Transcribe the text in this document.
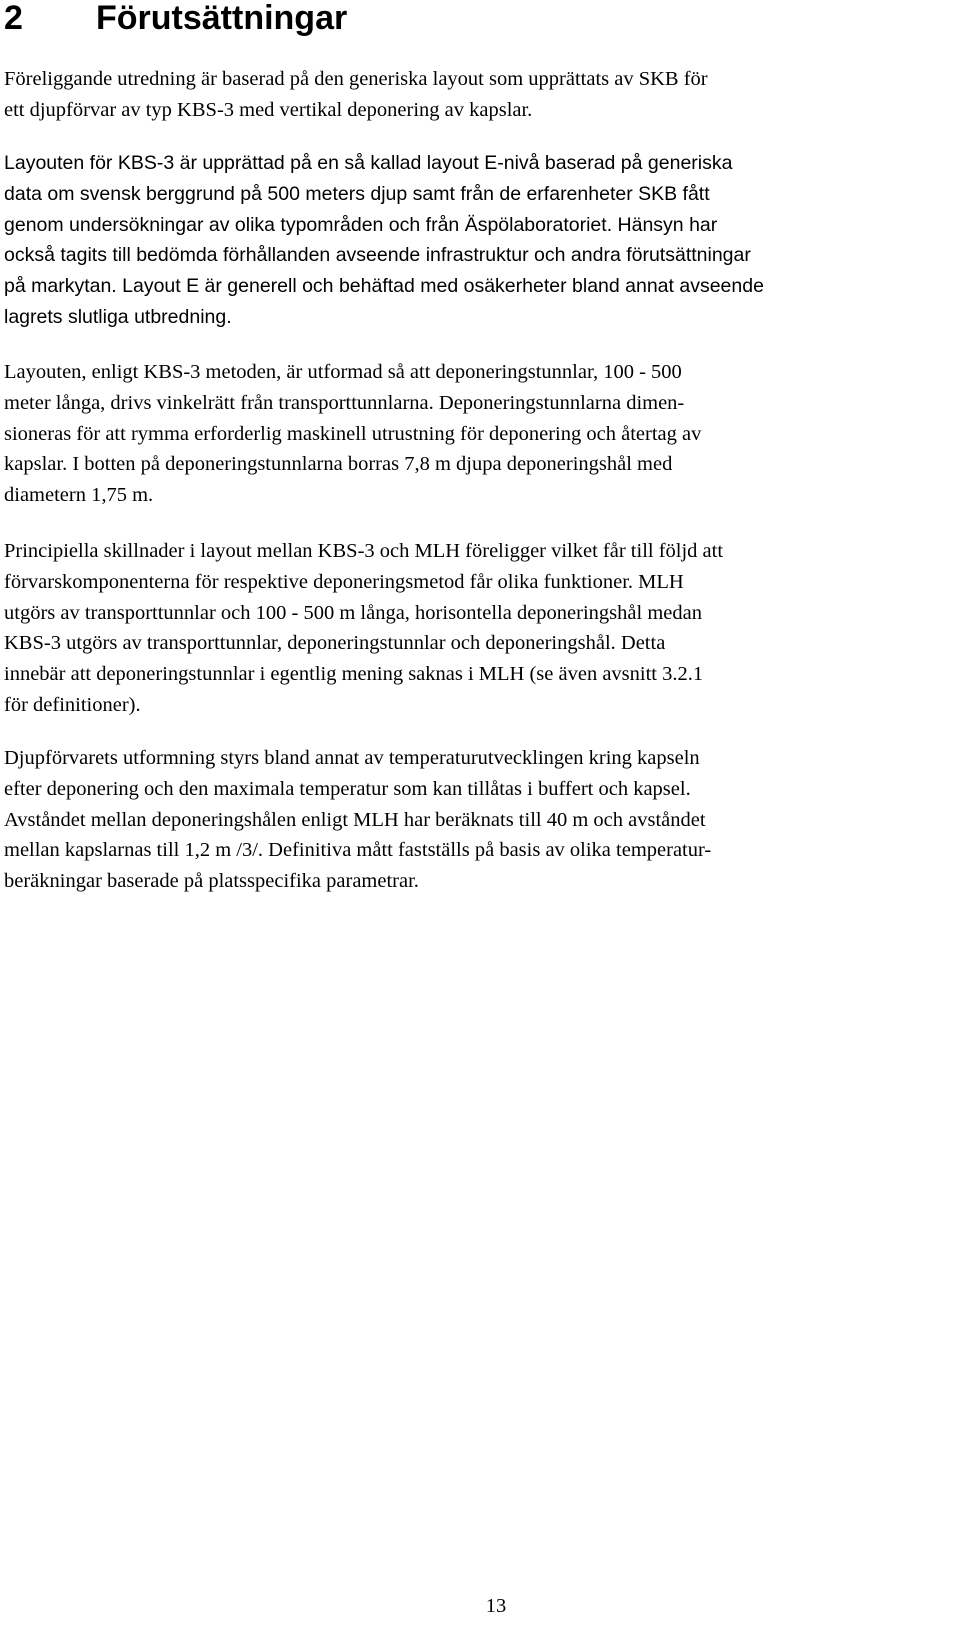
2 Förutsättningar

Föreliggande utredning är baserad på den generiska layout som upprättats av SKB för
ett djupförvar av typ KBS-3 med vertikal deponering av kapslar.

Layouten för KBS-3 är upprättad på en så kallad layout E-nivå baserad på generiska
data om svensk berggrund på 500 meters djup samt från de erfarenheter SKB fått
genom undersökningar av olika typområden och från Äspölaboratoriet. Hänsyn har
också tagits till bedömda förhållanden avseende infrastruktur och andra förutsättningar
på markytan. Layout E är generell och behäftad med osäkerheter bland annat avseende
lagrets slutliga utbredning.

Layouten, enligt KBS-3 metoden, är utformad så att deponeringstunnlar, 100 - 500
meter långa, drivs vinkelrätt från transporttunnlarna. Deponeringstunnlarna dimen-
sioneras för att rymma erforderlig maskinell utrustning för deponering och återtag av
kapslar. I botten på deponeringstunnlarna borras 7,8 m djupa deponeringshål med
diametern 1,75 m.

Principiella skillnader i layout mellan KBS-3 och MLH föreligger vilket får till följd att
förvarskomponenterna för respektive deponeringsmetod får olika funktioner. MLH
utgörs av transporttunnlar och 100 - 500 m långa, horisontella deponeringshål medan
KBS-3 utgörs av transporttunnlar, deponeringstunnlar och deponeringshål. Detta
innebär att deponeringstunnlar i egentlig mening saknas i MLH (se även avsnitt 3.2.1
för definitioner).

Djupförvarets utformning styrs bland annat av temperaturutvecklingen kring kapseln
efter deponering och den maximala temperatur som kan tillåtas i buffert och kapsel.
Avståndet mellan deponeringshålen enligt MLH har beräknats till 40 m och avståndet
mellan kapslarnas till 1,2 m /3/. Definitiva mått fastställs på basis av olika temperatur-
beräkningar baserade på platsspecifika parametrar.

13
